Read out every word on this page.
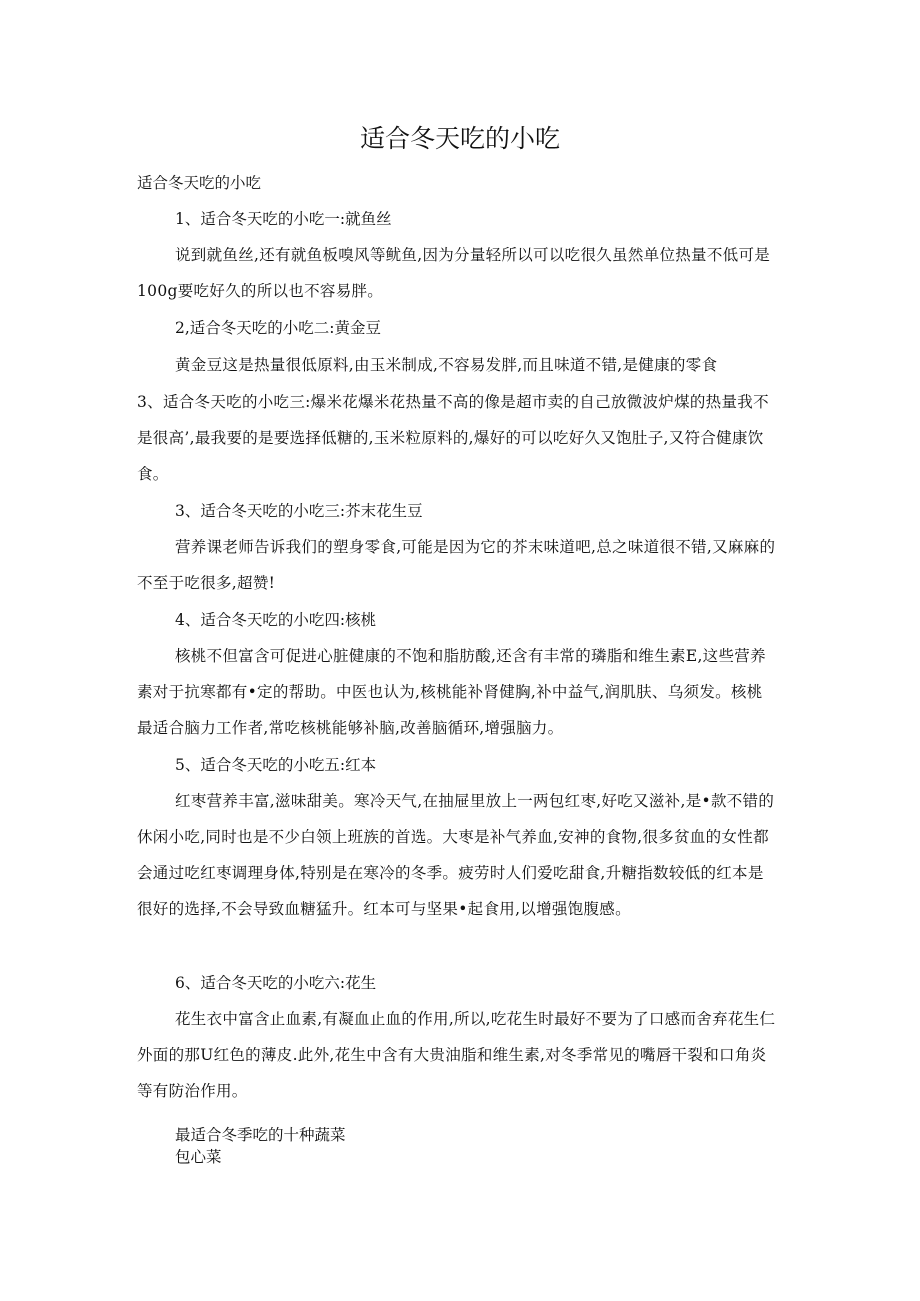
适合冬天吃的小吃
适合冬天吃的小吃
1、适合冬天吃的小吃一:就鱼丝
说到就鱼丝,还有就鱼板嗅风等鱿鱼,因为分量轻所以可以吃很久虽然单位热量不低可是100g要吃好久的所以也不容易胖。
2,适合冬天吃的小吃二:黄金豆
黄金豆这是热量很低原料,由玉米制成,不容易发胖,而且味道不错,是健康的零食
3、适合冬天吃的小吃三:爆米花爆米花热量不高的像是超市卖的自己放微波炉煤的热量我不是很高’,最我要的是要选择低糖的,玉米粒原料的,爆好的可以吃好久又饱肚子,又符合健康饮食。
3、适合冬天吃的小吃三:芥末花生豆
营养课老师告诉我们的塑身零食,可能是因为它的芥末味道吧,总之味道很不错,又麻麻的不至于吃很多,超赞!
4、适合冬天吃的小吃四:核桃
核桃不但富含可促进心脏健康的不饱和脂肪酸,还含有丰常的璘脂和维生素E,这些营养素对于抗寒都有•定的帮助。中医也认为,核桃能补肾健胸,补中益气,润肌肤、乌须发。核桃最适合脑力工作者,常吃核桃能够补脑,改善脑循环,增强脑力。
5、适合冬天吃的小吃五:红本
红枣营养丰富,滋味甜美。寒冷天气,在抽屉里放上一两包红枣,好吃又滋补,是•款不错的休闲小吃,同时也是不少白领上班族的首选。大枣是补气养血,安神的食物,很多贫血的女性都会通过吃红枣调理身体,特别是在寒冷的冬季。疲劳时人们爱吃甜食,升糖指数较低的红本是很好的选择,不会导致血糖猛升。红本可与坚果•起食用,以增强饱腹感。
6、适合冬天吃的小吃六:花生
花生衣中富含止血素,有凝血止血的作用,所以,吃花生时最好不要为了口感而舍弃花生仁外面的那U红色的薄皮.此外,花生中含有大贵油脂和维生素,对冬季常见的嘴唇干裂和口角炎等有防治作用。
最适合冬季吃的十种蔬菜
包心菜
